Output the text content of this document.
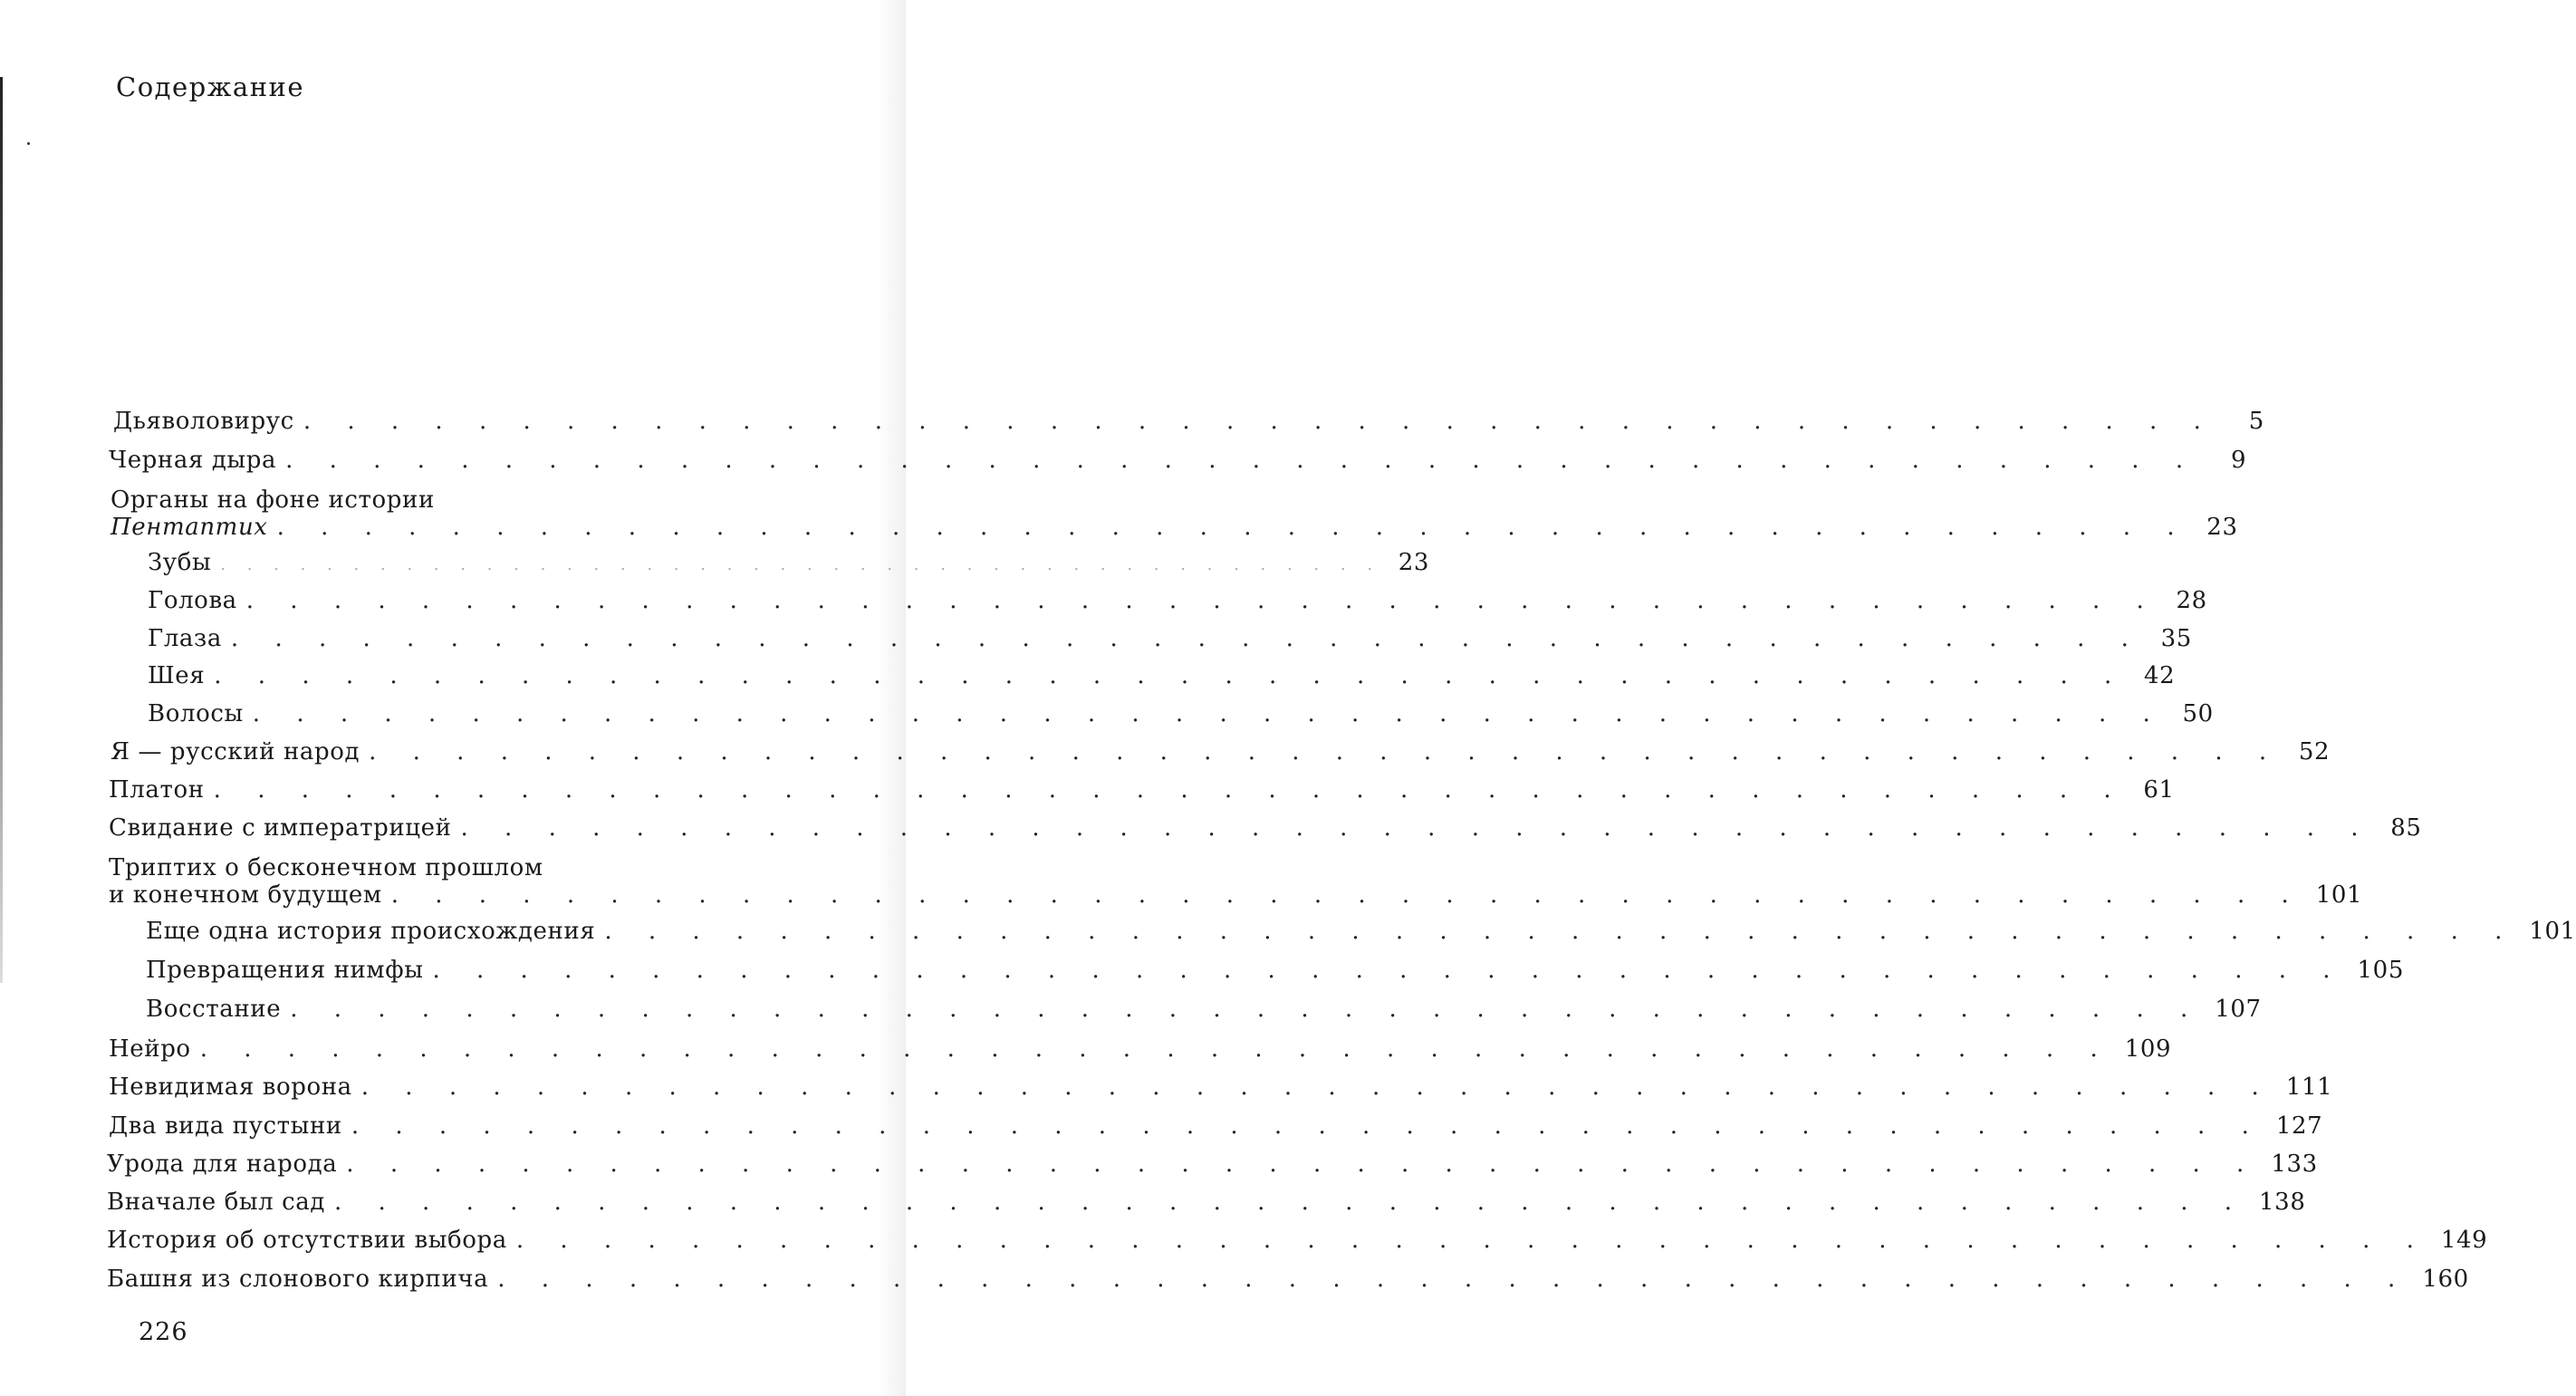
Содержание
Дьяволовирус . . . . . . . . . . . . . . . . . . . . . . . . . . . . . . . . . . . . . . . . . . . .	5
Черная дыра . . . . . . . . . . . . . . . . . . . . . . . . . . . . . . . . . . . . . . . . . . . .	9
Органы на фоне истории
Пентаптих . . . . . . . . . . . . . . . . . . . . . . . . . . . . . . . . . . . . . . . . . . . . 23
Зубы . . . . . . . . . . . . . . . . . . . . . . . . . . . . . . . . . . . . . . . . . . . . 23
Голова . . . . . . . . . . . . . . . . . . . . . . . . . . . . . . . . . . . . . . . . . . . . 28
Глаза . . . . . . . . . . . . . . . . . . . . . . . . . . . . . . . . . . . . . . . . . . . . 35
Шея . . . . . . . . . . . . . . . . . . . . . . . . . . . . . . . . . . . . . . . . . . . . 42
Волосы . . . . . . . . . . . . . . . . . . . . . . . . . . . . . . . . . . . . . . . . . . . . 50
Я — русский народ . . . . . . . . . . . . . . . . . . . . . . . . . . . . . . . . . . . . . . . . . . . . 52
Платон . . . . . . . . . . . . . . . . . . . . . . . . . . . . . . . . . . . . . . . . . . . . 61
Свидание с императрицей . . . . . . . . . . . . . . . . . . . . . . . . . . . . . . . . . . . . . . . . . . . . 85
Триптих о бесконечном прошлом
и конечном будущем . . . . . . . . . . . . . . . . . . . . . . . . . . . . . . . . . . . . . . . . . . . . 101
Еще одна история происхождения . . . . . . . . . . . . . . . . . . . . . . . . . . . . . . . . . . . . . . . . . . . . 101
Превращения нимфы . . . . . . . . . . . . . . . . . . . . . . . . . . . . . . . . . . . . . . . . . . . . 105
Восстание . . . . . . . . . . . . . . . . . . . . . . . . . . . . . . . . . . . . . . . . . . . . 107
Нейро . . . . . . . . . . . . . . . . . . . . . . . . . . . . . . . . . . . . . . . . . . . . 109
Невидимая ворона . . . . . . . . . . . . . . . . . . . . . . . . . . . . . . . . . . . . . . . . . . . . 111
Два вида пустыни . . . . . . . . . . . . . . . . . . . . . . . . . . . . . . . . . . . . . . . . . . . . 127
Урода для народа . . . . . . . . . . . . . . . . . . . . . . . . . . . . . . . . . . . . . . . . . . . . 133
Вначале был сад . . . . . . . . . . . . . . . . . . . . . . . . . . . . . . . . . . . . . . . . . . . . 138
История об отсутствии выбора . . . . . . . . . . . . . . . . . . . . . . . . . . . . . . . . . . . . . . . . . . . . 149
Башня из слонового кирпича . . . . . . . . . . . . . . . . . . . . . . . . . . . . . . . . . . . . . . . . . . . . 160
226
